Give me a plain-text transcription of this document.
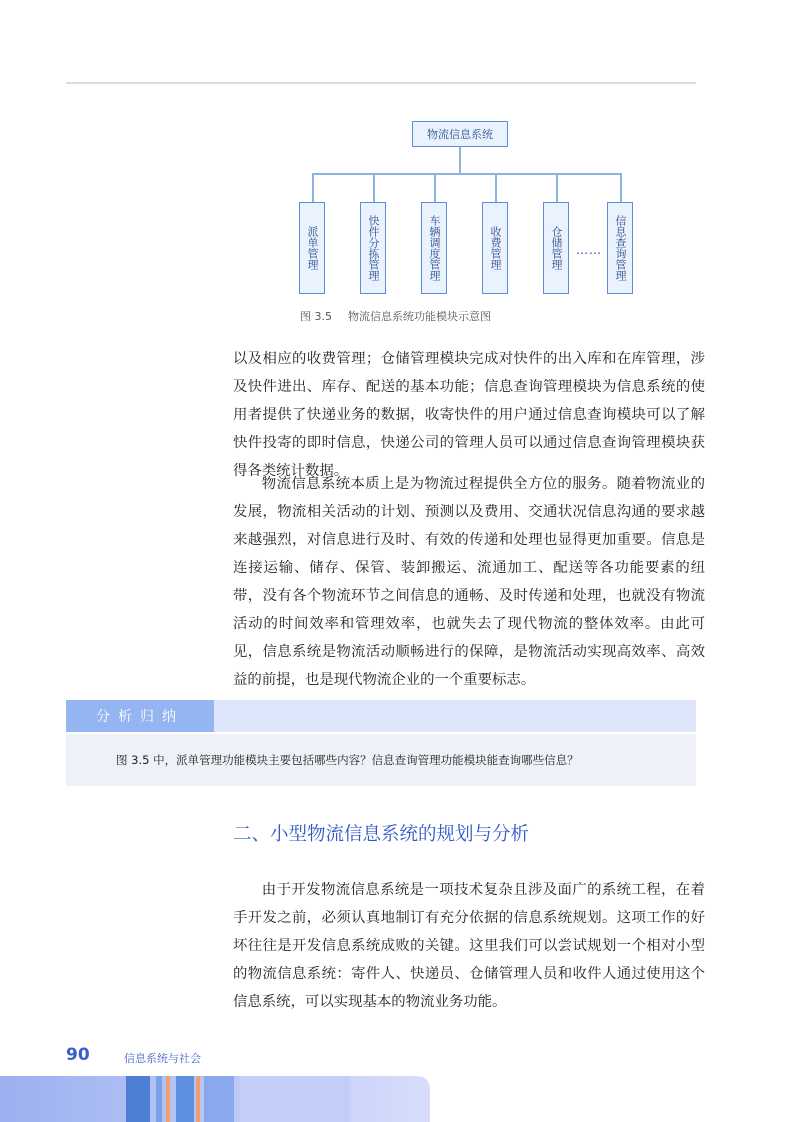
物流信息系统
派单管理	快件分拣管理	车辆调度管理	收费管理	仓储管理	……	信息查询管理
图 3.5 物流信息系统功能模块示意图

以及相应的收费管理；仓储管理模块完成对快件的出入库和在库管理，涉及快件进出、库存、配送的基本功能；信息查询管理模块为信息系统的使用者提供了快递业务的数据，收寄快件的用户通过信息查询模块可以了解快件投寄的即时信息，快递公司的管理人员可以通过信息查询管理模块获得各类统计数据。

物流信息系统本质上是为物流过程提供全方位的服务。随着物流业的发展，物流相关活动的计划、预测以及费用、交通状况信息沟通的要求越来越强烈，对信息进行及时、有效的传递和处理也显得更加重要。信息是连接运输、储存、保管、装卸搬运、流通加工、配送等各功能要素的纽带，没有各个物流环节之间信息的通畅、及时传递和处理，也就没有物流活动的时间效率和管理效率，也就失去了现代物流的整体效率。由此可见，信息系统是物流活动顺畅进行的保障，是物流活动实现高效率、高效益的前提，也是现代物流企业的一个重要标志。

分析归纳
图 3.5 中，派单管理功能模块主要包括哪些内容？信息查询管理功能模块能查询哪些信息？
二、小型物流信息系统的规划与分析

由于开发物流信息系统是一项技术复杂且涉及面广的系统工程，在着手开发之前，必须认真地制订有充分依据的信息系统规划。这项工作的好坏往往是开发信息系统成败的关键。这里我们可以尝试规划一个相对小型的物流信息系统：寄件人、快递员、仓储管理人员和收件人通过使用这个信息系统，可以实现基本的物流业务功能。

90	信息系统与社会
